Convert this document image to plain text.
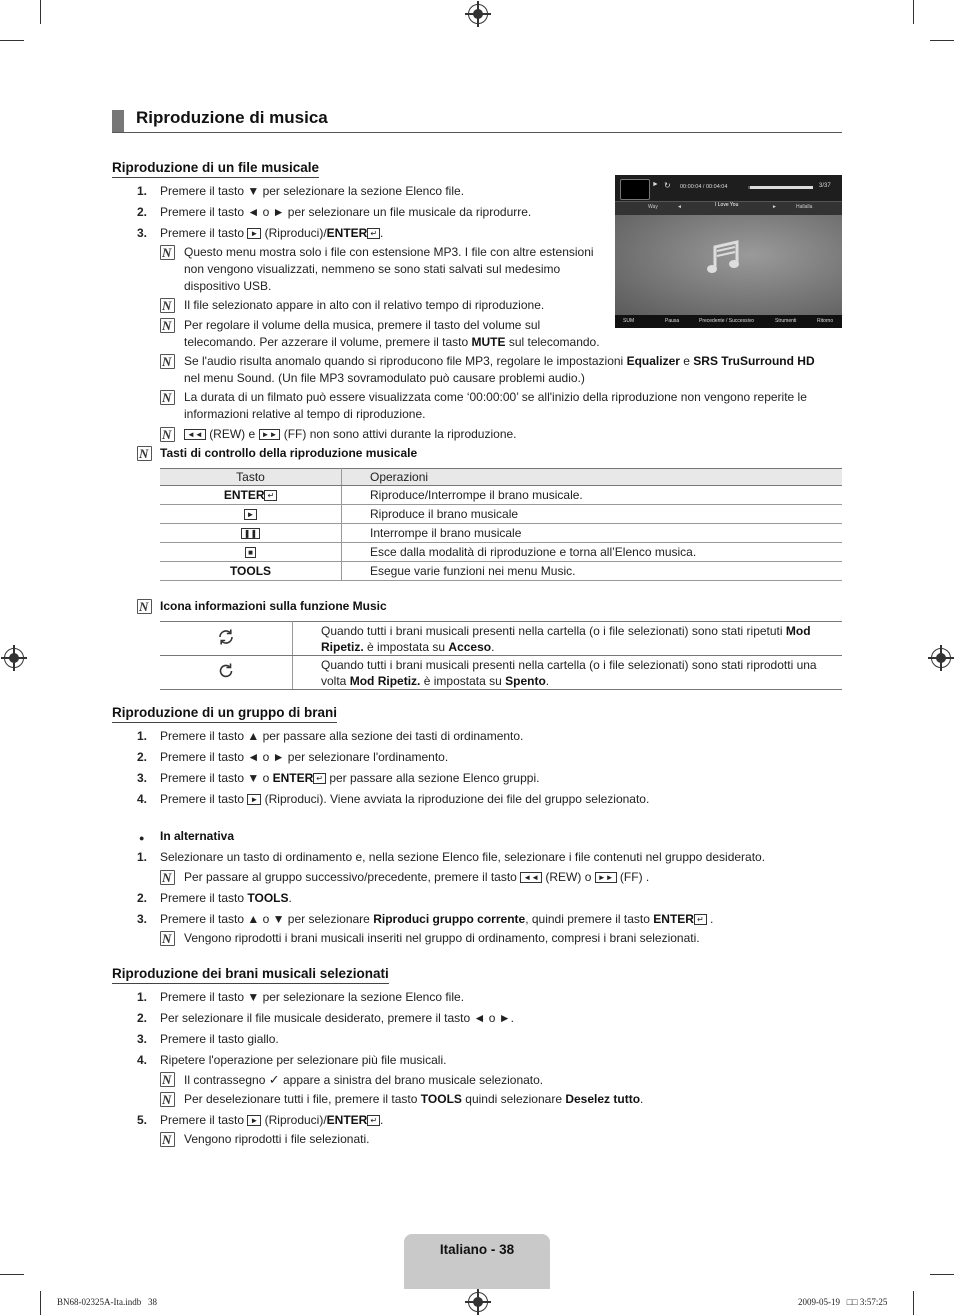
Riproduzione di musica
Riproduzione di un file musicale
1. Premere il tasto ▼ per selezionare la sezione Elenco file.
2. Premere il tasto ◄ o ► per selezionare un file musicale da riprodurre.
3. Premere il tasto ► (Riproduci)/ENTER ↵ .
N
Questo menu mostra solo i file con estensione MP3. I file con altre estensioni
non vengono visualizzati, nemmeno se sono stati salvati sul medesimo
dispositivo USB.
N
Il file selezionato appare in alto con il relativo tempo di riproduzione.
N
Per regolare il volume della musica, premere il tasto del volume sul
telecomando. Per azzerare il volume, premere il tasto MUTE sul telecomando.
N
Se l'audio risulta anomalo quando si riproducono file MP3, regolare le impostazioni Equalizer e SRS TruSurround HD
nel menu Sound. (Un file MP3 sovramodulato può causare problemi audio.)
N
La durata di un filmato può essere visualizzata come ‘00:00:00’ se all'inizio della riproduzione non vengono reperite le
informazioni relative al tempo di riproduzione.
N
◄◄ (REW) e ►► (FF) non sono attivi durante la riproduzione.
N
Tasti di controllo della riproduzione musicale
Tasto	Operazioni
ENTER ↵	Riproduce/Interrompe il brano musicale.
►	Riproduce il brano musicale
❚❚	Interrompe il brano musicale
■	Esce dalla modalità di riproduzione e torna all’Elenco musica.
TOOLS	Esegue varie funzioni nei menu Music.
N
Icona informazioni sulla funzione Music
	Quando tutti i brani musicali presenti nella cartella (o i file selezionati) sono stati ripetuti Mod
Ripetiz. è impostata su Acceso.
	Quando tutti i brani musicali presenti nella cartella (o i file selezionati) sono stati riprodotti una
volta Mod Ripetiz. è impostata su Spento.
► ↻ 00:00:04 / 00:04:04	3/37
Way	◄	I Love You	►	Hallalla
SUM	Pausa	Precedente / Successivo	Strumenti	Ritorno
Riproduzione di un gruppo di brani
1. Premere il tasto ▲ per passare alla sezione dei tasti di ordinamento.
2. Premere il tasto ◄ o ► per selezionare l'ordinamento.
3. Premere il tasto ▼ o ENTER ↵ per passare alla sezione Elenco gruppi.
4. Premere il tasto ► (Riproduci). Viene avviata la riproduzione dei file del gruppo selezionato.
● In alternativa
1. Selezionare un tasto di ordinamento e, nella sezione Elenco file, selezionare i file contenuti nel gruppo desiderato.
N
Per passare al gruppo successivo/precedente, premere il tasto ◄◄ (REW) o ►► (FF) .
2. Premere il tasto TOOLS.
3. Premere il tasto ▲ o ▼ per selezionare Riproduci gruppo corrente, quindi premere il tasto ENTER ↵ .
N
Vengono riprodotti i brani musicali inseriti nel gruppo di ordinamento, compresi i brani selezionati.
Riproduzione dei brani musicali selezionati
1. Premere il tasto ▼ per selezionare la sezione Elenco file.
2. Per selezionare il file musicale desiderato, premere il tasto ◄ o ►.
3. Premere il tasto giallo.
4. Ripetere l'operazione per selezionare più file musicali.
N
Il contrassegno ✓ appare a sinistra del brano musicale selezionato.
N
Per deselezionare tutti i file, premere il tasto TOOLS quindi selezionare Deselez tutto.
5. Premere il tasto ► (Riproduci)/ENTER ↵ .
N
Vengono riprodotti i file selezionati.
Italiano - 38
BN68-02325A-Ita.indb   38	2009-05-19   □□ 3:57:25
